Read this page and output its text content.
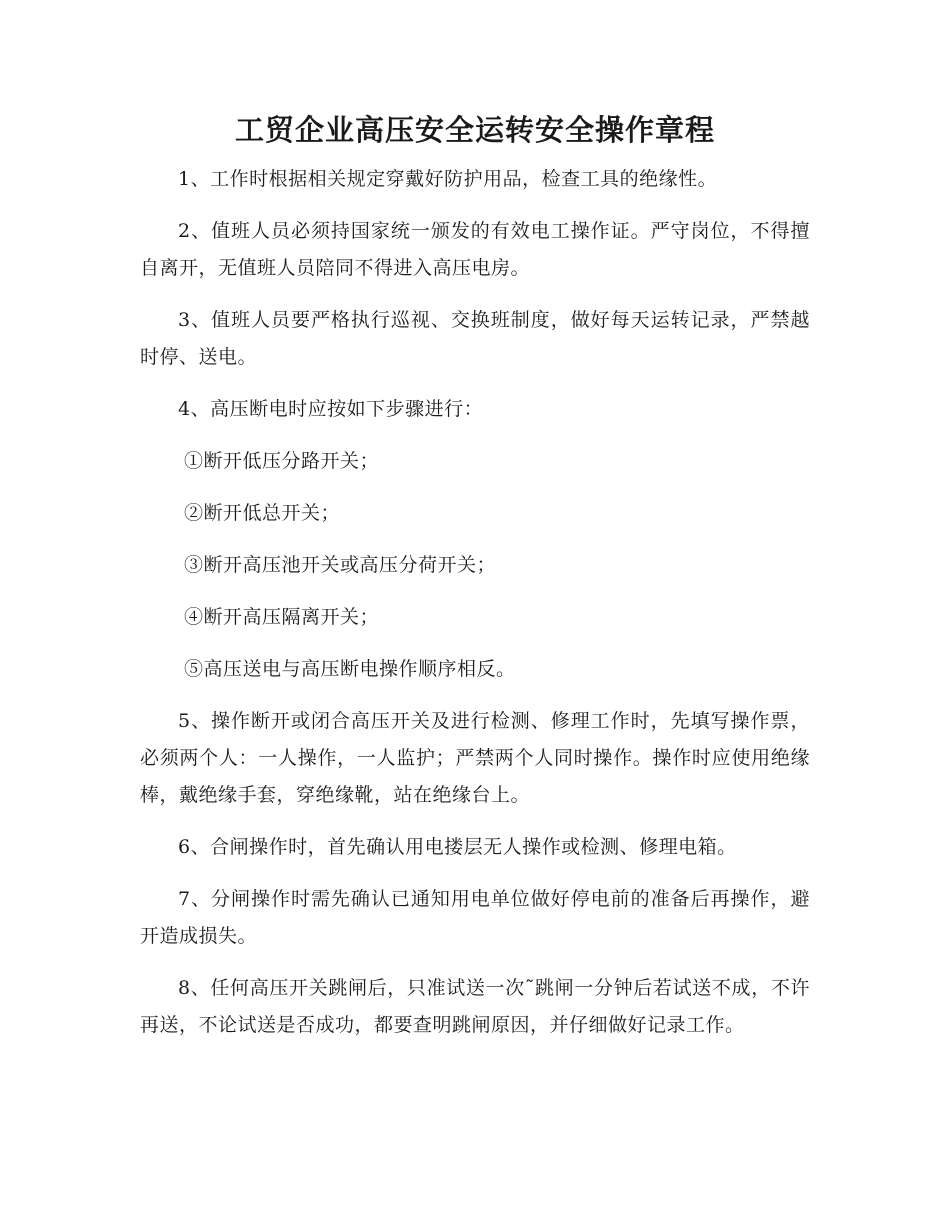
工贸企业高压安全运转安全操作章程

1、工作时根据相关规定穿戴好防护用品，检查工具的绝缘性。

2、值班人员必须持国家统一颁发的有效电工操作证。严守岗位，不得擅自离开，无值班人员陪同不得进入高压电房。

3、值班人员要严格执行巡视、交换班制度，做好每天运转记录，严禁越时停、送电。

4、高压断电时应按如下步骤进行：

①断开低压分路开关；

②断开低总开关；

③断开高压池开关或高压分荷开关；

④断开高压隔离开关；

⑤高压送电与高压断电操作顺序相反。

5、操作断开或闭合高压开关及进行检测、修理工作时，先填写操作票，必须两个人：一人操作，一人监护；严禁两个人同时操作。操作时应使用绝缘棒，戴绝缘手套，穿绝缘靴，站在绝缘台上。

6、合闸操作时，首先确认用电搂层无人操作或检测、修理电箱。

7、分闸操作时需先确认已通知用电单位做好停电前的准备后再操作，避开造成损失。

8、任何高压开关跳闸后，只准试送一次˜跳闸一分钟后若试送不成，不许再送，不论试送是否成功，都要查明跳闸原因，并仔细做好记录工作。
